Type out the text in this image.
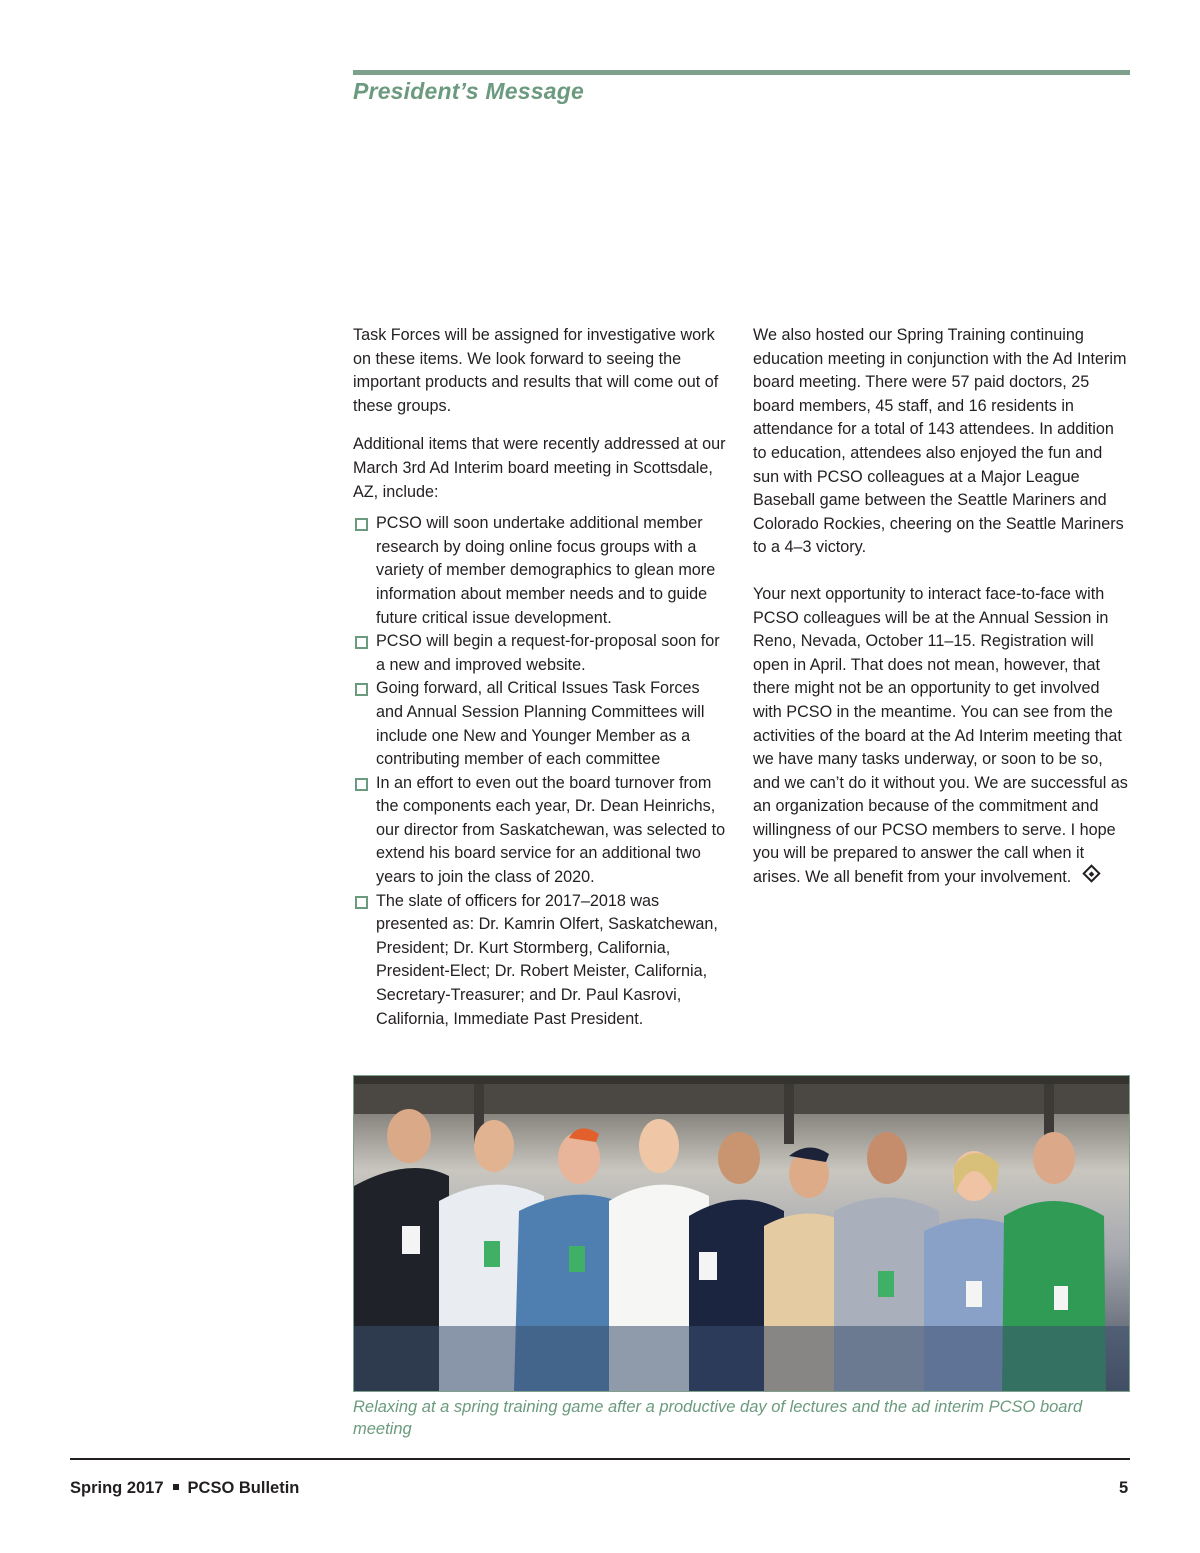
President’s Message

Task Forces will be assigned for investigative work on these items. We look forward to seeing the important products and results that will come out of these groups.

Additional items that were recently addressed at our March 3rd Ad Interim board meeting in Scottsdale, AZ, include:

PCSO will soon undertake additional member research by doing online focus groups with a variety of member demographics to glean more information about member needs and to guide future critical issue development.
PCSO will begin a request-for-proposal soon for a new and improved website.
Going forward, all Critical Issues Task Forces and Annual Session Planning Committees will include one New and Younger Member as a contributing member of each committee
In an effort to even out the board turnover from the components each year, Dr. Dean Heinrichs, our director from Saskatchewan, was selected to extend his board service for an additional two years to join the class of 2020.
The slate of officers for 2017–2018 was presented as: Dr. Kamrin Olfert, Saskatchewan, President; Dr. Kurt Stormberg, California, President-Elect; Dr. Robert Meister, California, Secretary-Treasurer; and Dr. Paul Kasrovi, California, Immediate Past President.

We also hosted our Spring Training continuing education meeting in conjunction with the Ad Interim board meeting. There were 57 paid doctors, 25 board members, 45 staff, and 16 residents in attendance for a total of 143 attendees. In addition to education, attendees also enjoyed the fun and sun with PCSO colleagues at a Major League Baseball game between the Seattle Mariners and Colorado Rockies, cheering on the Seattle Mariners to a 4–3 victory.

Your next opportunity to interact face-to-face with PCSO colleagues will be at the Annual Session in Reno, Nevada, October 11–15. Registration will open in April. That does not mean, however, that there might not be an opportunity to get involved with PCSO in the meantime. You can see from the activities of the board at the Ad Interim meeting that we have many tasks underway, or soon to be so, and we can’t do it without you. We are successful as an organization because of the commitment and willingness of our PCSO members to serve. I hope you will be prepared to answer the call when it arises. We all benefit from your involvement.

Relaxing at a spring training game after a productive day of lectures and the ad interim PCSO board meeting

Spring 2017 PCSO Bulletin	5
